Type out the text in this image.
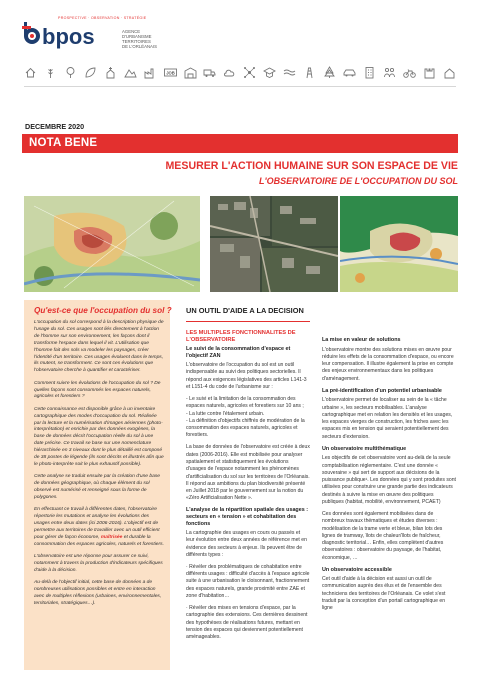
bpos
PROSPECTIVE · OBSERVATION · STRATÉGIE
AGENCE
D'URBANISME
TERRITOIRES
DE L'ORLÉANAIS
JOB
DECEMBRE 2020
NOTA BENE
MESURER L'ACTION HUMAINE SUR SON ESPACE DE VIE
L'OBSERVATOIRE DE L'OCCUPATION DU SOL
Qu'est-ce que l'occupation du sol ?

L'occupation du sol correspond à la description physique de l'usage du sol. Ces usages sont liés directement à l'action de l'homme sur son environnement, les façons dont il transforme l'espace dans lequel il vit. L'utilisation que l'homme fait des sols va modeler les paysages, créer l'identité d'un territoire. Ces usages évoluent dans le temps, ils mutent, se transforment. Ce sont ces évolutions que l'observatoire cherche à quantifier et caractériser.

Comment suivre les évolutions de l'occupation du sol ? De quelles façons sont consommés les espaces naturels, agricoles et forestiers ?

Cette connaissance est disponible grâce à un inventaire cartographique des modes d'occupation du sol. Réalisée par la lecture et la numérisation d'images aériennes (photo-interprétation) et enrichie par des données exogènes, la base de données décrit l'occupation réelle du sol à une date précise. Ce travail se base sur une nomenclature hiérarchisée en 3 niveaux dont le plus détaillé est composé de 38 postes de légende (ils sont décrits et illustrés afin que le photo-interprète soit le plus exhaustif possible).

Cette analyse se traduit ensuite par la création d'une base de données géographique, où chaque élément du sol observé est numérisé et renseigné sous la forme de polygones.

En effectuant ce travail à différentes dates, l'observatoire répertorie les mutations et analyse les évolutions des usages entre deux dates (ici 2006-2016). L'objectif est de permettre aux territoires de travailler avec un outil efficient pour gérer de façon économe, maîtrisée et durable la consommation des espaces agricoles, naturels et forestiers.

L'observatoire est une réponse pour assurer ce suivi, notamment à travers la production d'indicateurs spécifiques d'aide à la décision.

Au-delà de l'objectif initial, cette base de données a de nombreuses utilisations possibles et entre en interaction avec de multiples réflexions (urbaines, environnementales, territoriales, stratégiques…).

UN OUTIL D'AIDE A LA DECISION
LES MULTIPLES FONCTIONNALITES DE L'OBSERVATOIRE
Le suivi de la consommation d'espace et l'objectif ZAN

L'observatoire de l'occupation du sol est un outil indispensable au suivi des politiques sectorielles. Il répond aux exigences législatives des articles L141-3 et L151-4 du code de l'urbanisme sur :

- Le suivi et la limitation de la consommation des espaces naturels, agricoles et forestiers sur 10 ans ;
- La lutte contre l'étalement urbain.

- La définition d'objectifs chiffrés de modération de la consommation des espaces naturels, agricoles et forestiers.

La base de données de l'observatoire est créée à deux dates (2006-2016). Elle est mobilisée pour analyser spatialement et statistiquement les évolutions d'usages de l'espace notamment les phénomènes d'artificialisation du sol sur les territoires de l'Orléanais. Il répond aux ambitions du plan biodiversité présenté en Juillet 2018 par le gouvernement sur la notion du «Zéro Artificialisation Nette ».

L'analyse de la répartition spatiale des usages : secteurs en « tension » et cohabitation des fonctions

La cartographie des usages en cours ou passés et leur évolution entre deux années de référence met en évidence des secteurs à enjeux. Ils peuvent être de différents types :

· Révéler des problématiques de cohabitation entre différents usages : difficulté d'accès à l'espace agricole suite à une urbanisation le cloisonnant, fractionnement des espaces naturels, grande proximité entre ZAE et zone d'habitation…

· Révéler des mises en tensions d'espace, par la cartographie des extensions. Ces dernières dessinent des hypothèses de réalisations futures, mettant en tension des espaces qui deviennent potentiellement aménageables.

La mise en valeur de solutions

L'observatoire montre des solutions mises en œuvre pour réduire les effets de la consommation d'espace, ou encore leur compensation. Il illustre également la prise en compte des enjeux environnementaux dans les politiques d'aménagement.

La pré-identification d'un potentiel urbanisable

L'observatoire permet de localiser au sein de la « tâche urbaine », les secteurs mobilisables. L'analyse cartographique met en relation les densités et les usages, les espaces vierges de construction, les friches avec les espaces mis en tension qui seraient potentiellement des secteurs d'extension.

Un observatoire multithématique

Les objectifs de cet observatoire vont au-delà de la seule comptabilisation réglementaire. C'est une donnée « souveraine » qui sert de support aux décisions de la puissance publique¹. Les données qui y sont produites sont utilisées pour construire une grande partie des indicateurs destinés à suivre la mise en œuvre des politiques publiques (habitat, mobilité, environnement, PCAET)

Ces données sont également mobilisées dans de nombreux travaux thématiques et études diverses : modélisation de la trame verte et bleue, bilan lots des lignes de tramway, îlots de chaleur/îlots de fraîcheur, diagnostic territorial… Enfin, elles complètent d'autres observatoires : observatoire du paysage, de l'habitat, économique, …

Un observatoire accessible

Cet outil d'aide à la décision est aussi un outil de communication auprès des élus et de l'ensemble des techniciens des territoires de l'Orléanais. Ce volet s'est traduit par la conception d'un portail cartographique en ligne
